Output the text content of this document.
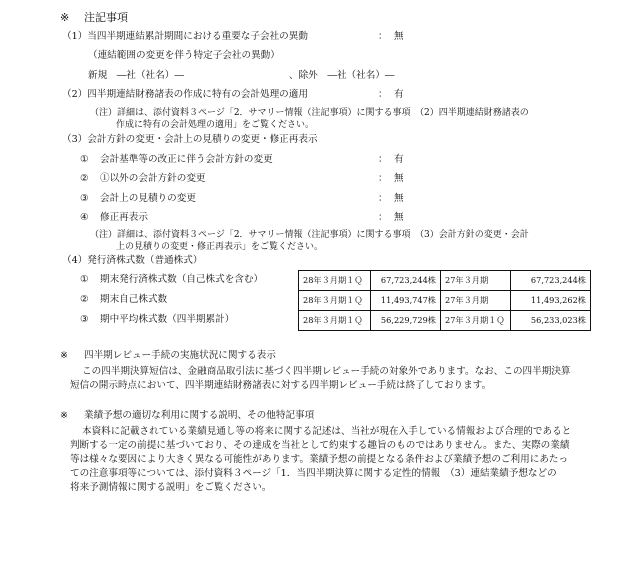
※ 注記事項
（1）当四半期連結累計期間における重要な子会社の異動	： 無
（連結範囲の変更を伴う特定子会社の異動）
新規　―社（社名）―	、除外　―社（社名）―
（2）四半期連結財務諸表の作成に特有の会計処理の適用	： 有
（注）詳細は、添付資料３ページ「2．サマリー情報（注記事項）に関する事項　（2）四半期連結財務諸表の
作成に特有の会計処理の適用」をご覧ください。
（3）会計方針の変更・会計上の見積りの変更・修正再表示
① 会計基準等の改正に伴う会計方針の変更	： 有
② ①以外の会計方針の変更	： 無
③ 会計上の見積りの変更	： 無
④ 修正再表示	： 無
（注）詳細は、添付資料３ページ「2．サマリー情報（注記事項）に関する事項　（3）会計方針の変更・会計
上の見積りの変更・修正再表示」をご覧ください。
（4）発行済株式数（普通株式）
① 期末発行済株式数（自己株式を含む）
② 期末自己株式数
③ 期中平均株式数（四半期累計）
28年３月期１Ｑ	67,723,244株	27年３月期	67,723,244株
28年３月期１Ｑ	11,493,747株	27年３月期	11,493,262株
28年３月期１Ｑ	56,229,729株	27年３月期１Ｑ	56,233,023株
※ 四半期レビュー手続の実施状況に関する表示
この四半期決算短信は、金融商品取引法に基づく四半期レビュー手続の対象外であります。なお、この四半期決算
短信の開示時点において、四半期連結財務諸表に対する四半期レビュー手続は終了しております。
※ 業績予想の適切な利用に関する説明、その他特記事項
本資料に記載されている業績見通し等の将来に関する記述は、当社が現在入手している情報および合理的であると
判断する一定の前提に基づいており、その達成を当社として約束する趣旨のものではありません。また、実際の業績
等は様々な要因により大きく異なる可能性があります。業績予想の前提となる条件および業績予想のご利用にあたっ
ての注意事項等については、添付資料３ページ「1．当四半期決算に関する定性的情報　（3）連結業績予想などの
将来予測情報に関する説明」をご覧ください。
